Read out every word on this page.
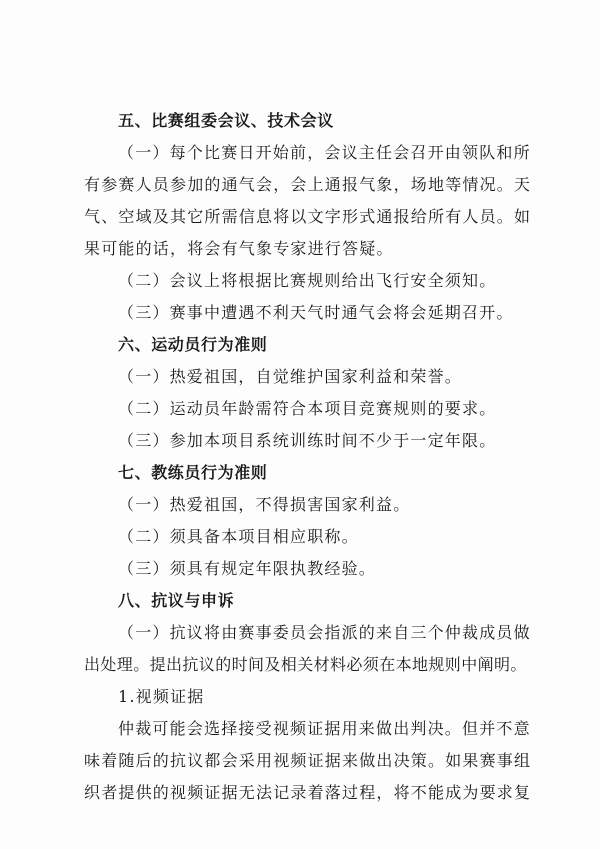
五、比赛组委会议、技术会议
（一）每个比赛日开始前，会议主任会召开由领队和所
有参赛人员参加的通气会，会上通报气象，场地等情况。天
气、空域及其它所需信息将以文字形式通报给所有人员。如
果可能的话，将会有气象专家进行答疑。
（二）会议上将根据比赛规则给出飞行安全须知。
（三）赛事中遭遇不利天气时通气会将会延期召开。
六、运动员行为准则
（一）热爱祖国，自觉维护国家利益和荣誉。
（二）运动员年龄需符合本项目竞赛规则的要求。
（三）参加本项目系统训练时间不少于一定年限。
七、教练员行为准则
（一）热爱祖国，不得损害国家利益。
（二）须具备本项目相应职称。
（三）须具有规定年限执教经验。
八、抗议与申诉
（一）抗议将由赛事委员会指派的来自三个仲裁成员做
出处理。提出抗议的时间及相关材料必须在本地规则中阐明。
1.视频证据
仲裁可能会选择接受视频证据用来做出判决。但并不意
味着随后的抗议都会采用视频证据来做出决策。如果赛事组
织者提供的视频证据无法记录着落过程，将不能成为要求复
